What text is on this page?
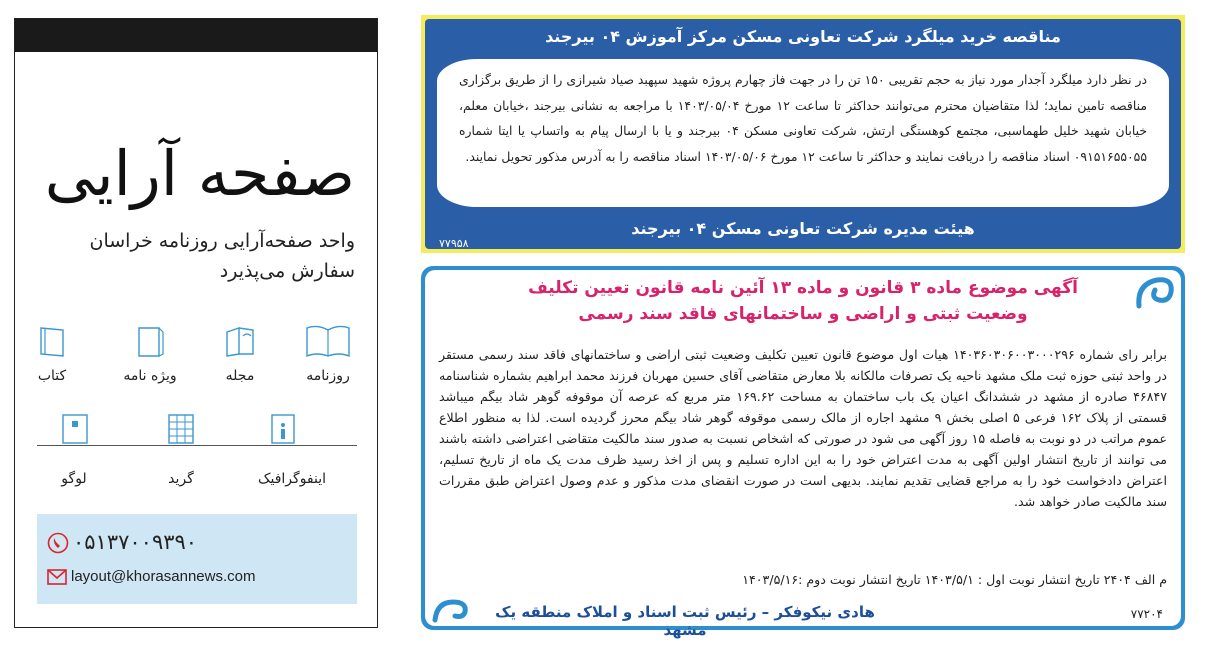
صفحه آرایی
واحد صفحه‌آرایی روزنامه خراسان
سفارش می‌پذیرد
روزنامه
مجله
ویژه نامه
کتاب
اینفوگرافیک
گرید
لوگو
۰۵۱۳۷۰۰۹۳۹۰
layout@khorasannews.com
مناقصه خرید میلگرد شرکت تعاونی مسکن مرکز آموزش ۰۴ بیرجند
در نظر دارد میلگرد آجدار مورد نیاز به حجم تقریبی ۱۵۰ تن را در جهت فاز چهارم پروژه شهید سپهبد صیاد شیرازی را از طریق برگزاری مناقصه تامین نماید؛ لذا متقاضیان محترم می‌توانند حداکثر تا ساعت ۱۲ مورخ ۱۴۰۳/۰۵/۰۴ با مراجعه به نشانی بیرجند ،خیابان معلم، خیابان شهید خلیل طهماسبی، مجتمع کوهستگی ارتش، شرکت تعاونی مسکن ۰۴ بیرجند و یا با ارسال پیام به واتساپ یا ایتا شماره ۰۹۱۵۱۶۵۵۰۵۵ اسناد مناقصه را دریافت نمایند و حداکثر تا ساعت ۱۲ مورخ ۱۴۰۳/۰۵/۰۶ اسناد مناقصه را به آدرس مذکور تحویل نمایند.
هیئت مدیره شرکت تعاونی مسکن ۰۴ بیرجند
۷۷۹۵۸
آگهی موضوع ماده ۳ قانون و ماده ۱۳ آئین نامه قانون تعیین تکلیف
وضعیت ثبتی و اراضی و ساختمانهای فاقد سند رسمی
برابر رای شماره ۱۴۰۳۶۰۳۰۶۰۰۳۰۰۰۲۹۶ هیات اول موضوع قانون تعیین تکلیف وضعیت ثبتی اراضی و ساختمانهای فاقد سند رسمی مستقر در واحد ثبتی حوزه ثبت ملک مشهد ناحیه یک تصرفات مالکانه بلا معارض متقاضی آقای حسین مهربان فرزند محمد ابراهیم بشماره شناسنامه ۴۶۸۴۷ صادره از مشهد در ششدانگ اعیان یک باب ساختمان به مساحت ۱۶۹.۶۲ متر مربع که عرصه آن موقوفه گوهر شاد بیگم میباشد قسمتی از پلاک ۱۶۲ فرعی ۵ اصلی بخش ۹ مشهد اجاره از مالک رسمی موقوفه گوهر شاد بیگم محرز گردیده است. لذا به منظور اطلاع عموم مراتب در دو نوبت به فاصله ۱۵ روز آگهی می شود در صورتی که اشخاص نسبت به صدور سند مالکیت متقاضی اعتراضی داشته باشند می توانند از تاریخ انتشار اولین آگهی به مدت اعتراض خود را به این اداره تسلیم و پس از اخذ رسید ظرف مدت یک ماه از تاریخ تسلیم، اعتراض دادخواست خود را به مراجع قضایی تقدیم نمایند. بدیهی است در صورت انقضای مدت مذکور و عدم وصول اعتراض طبق مقررات سند مالکیت صادر خواهد شد.
م الف ۲۴۰۴ تاریخ انتشار نوبت اول : ۱۴۰۳/۵/۱ تاریخ انتشار نوبت دوم :۱۴۰۳/۵/۱۶
هادی نیکوفکر – رئیس ثبت اسناد و املاک منطقه یک مشهد
۷۷۲۰۴
